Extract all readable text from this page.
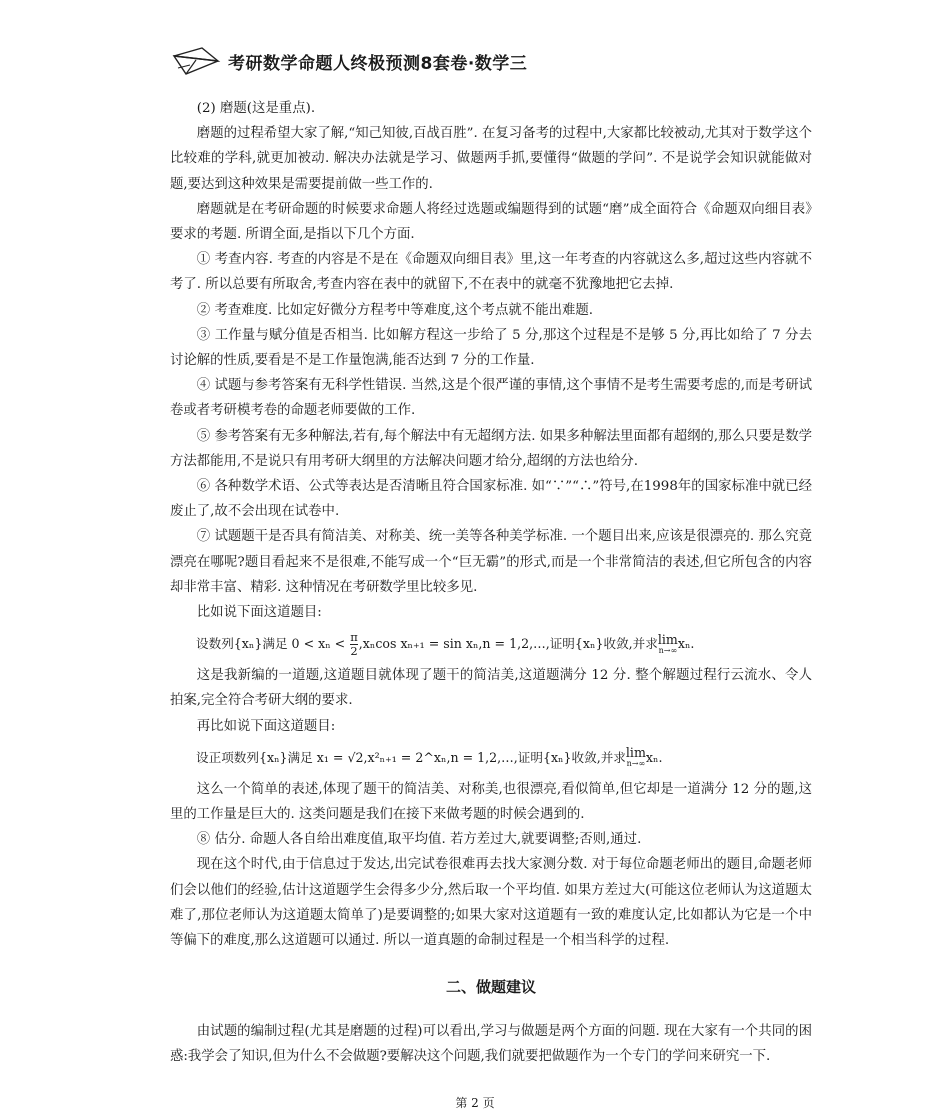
考研数学命题人终极预测8套卷·数学三

(2) 磨题(这是重点).

磨题的过程希望大家了解,“知己知彼,百战百胜”. 在复习备考的过程中,大家都比较被动,尤其对于数学这个比较难的学科,就更加被动. 解决办法就是学习、做题两手抓,要懂得“做题的学问”. 不是说学会知识就能做对题,要达到这种效果是需要提前做一些工作的.

磨题就是在考研命题的时候要求命题人将经过选题或编题得到的试题“磨”成全面符合《命题双向细目表》要求的考题. 所谓全面,是指以下几个方面.

① 考查内容. 考查的内容是不是在《命题双向细目表》里,这一年考查的内容就这么多,超过这些内容就不考了. 所以总要有所取舍,考查内容在表中的就留下,不在表中的就毫不犹豫地把它去掉.

② 考查难度. 比如定好微分方程考中等难度,这个考点就不能出难题.

③ 工作量与赋分值是否相当. 比如解方程这一步给了 5 分,那这个过程是不是够 5 分,再比如给了 7 分去讨论解的性质,要看是不是工作量饱满,能否达到 7 分的工作量.

④ 试题与参考答案有无科学性错误. 当然,这是个很严谨的事情,这个事情不是考生需要考虑的,而是考研试卷或者考研模考卷的命题老师要做的工作.

⑤ 参考答案有无多种解法,若有,每个解法中有无超纲方法. 如果多种解法里面都有超纲的,那么只要是数学方法都能用,不是说只有用考研大纲里的方法解决问题才给分,超纲的方法也给分.

⑥ 各种数学术语、公式等表达是否清晰且符合国家标准. 如“∵”“∴”符号,在1998年的国家标准中就已经废止了,故不会出现在试卷中.

⑦ 试题题干是否具有简洁美、对称美、统一美等各种美学标准. 一个题目出来,应该是很漂亮的. 那么究竟漂亮在哪呢?题目看起来不是很难,不能写成一个“巨无霸”的形式,而是一个非常简洁的表述,但它所包含的内容却非常丰富、精彩. 这种情况在考研数学里比较多见.

比如说下面这道题目:

设数列{xₙ}满足 $0 < x_n < \frac{\pi}{2} ,x_n\cos$ xₙ₊₁ = sin xₙ,n = 1,2,…,证明{xₙ}收敛,并求 lim
n→∞ xₙ.

这是我新编的一道题,这道题目就体现了题干的简洁美,这道题满分 12 分. 整个解题过程行云流水、令人拍案,完全符合考研大纲的要求.

再比如说下面这道题目:

设正项数列{xₙ}满足 x₁ = √2,x²ₙ₊₁ = 2^xₙ,n = 1,2,…,证明{xₙ}收敛,并求 lim
n→∞ xₙ.

这么一个简单的表述,体现了题干的简洁美、对称美,也很漂亮,看似简单,但它却是一道满分 12 分的题,这里的工作量是巨大的. 这类问题是我们在接下来做考题的时候会遇到的.

⑧ 估分. 命题人各自给出难度值,取平均值. 若方差过大,就要调整;否则,通过.

现在这个时代,由于信息过于发达,出完试卷很难再去找大家测分数. 对于每位命题老师出的题目,命题老师们会以他们的经验,估计这道题学生会得多少分,然后取一个平均值. 如果方差过大(可能这位老师认为这道题太难了,那位老师认为这道题太简单了)是要调整的;如果大家对这道题有一致的难度认定,比如都认为它是一个中等偏下的难度,那么这道题可以通过. 所以一道真题的命制过程是一个相当科学的过程.

二、做题建议

由试题的编制过程(尤其是磨题的过程)可以看出,学习与做题是两个方面的问题. 现在大家有一个共同的困惑:我学会了知识,但为什么不会做题?要解决这个问题,我们就要把做题作为一个专门的学问来研究一下.

第 2 页
